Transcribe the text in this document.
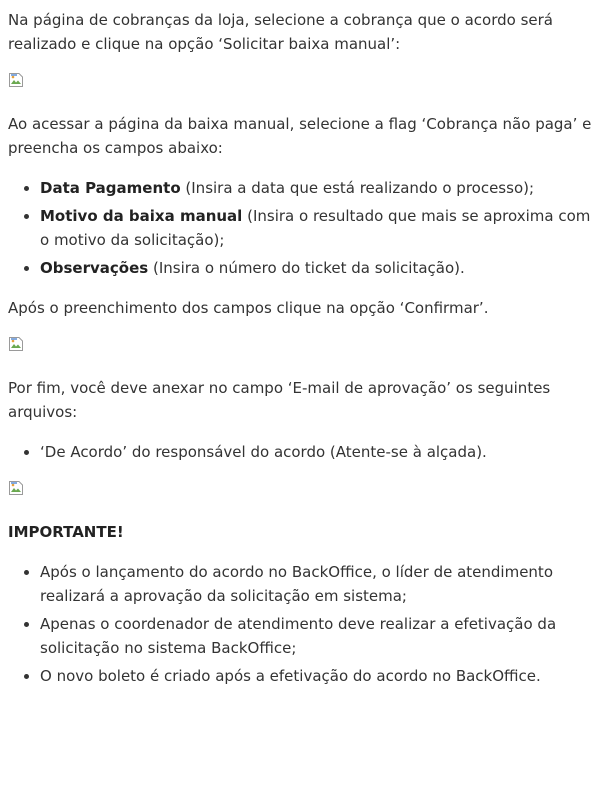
Na página de cobranças da loja, selecione a cobrança que o acordo será realizado e clique na opção ‘Solicitar baixa manual’:

Ao acessar a página da baixa manual, selecione a flag ‘Cobrança não paga’ e preencha os campos abaixo:

• Data Pagamento (Insira a data que está realizando o processo);
• Motivo da baixa manual (Insira o resultado que mais se aproxima com o motivo da solicitação);
• Observações (Insira o número do ticket da solicitação).

Após o preenchimento dos campos clique na opção ‘Confirmar’.

Por fim, você deve anexar no campo ‘E-mail de aprovação’ os seguintes arquivos:

• ‘De Acordo’ do responsável do acordo (Atente-se à alçada).

IMPORTANTE!

• Após o lançamento do acordo no BackOffice, o líder de atendimento realizará a aprovação da solicitação em sistema;
• Apenas o coordenador de atendimento deve realizar a efetivação da solicitação no sistema BackOffice;
• O novo boleto é criado após a efetivação do acordo no BackOffice.
